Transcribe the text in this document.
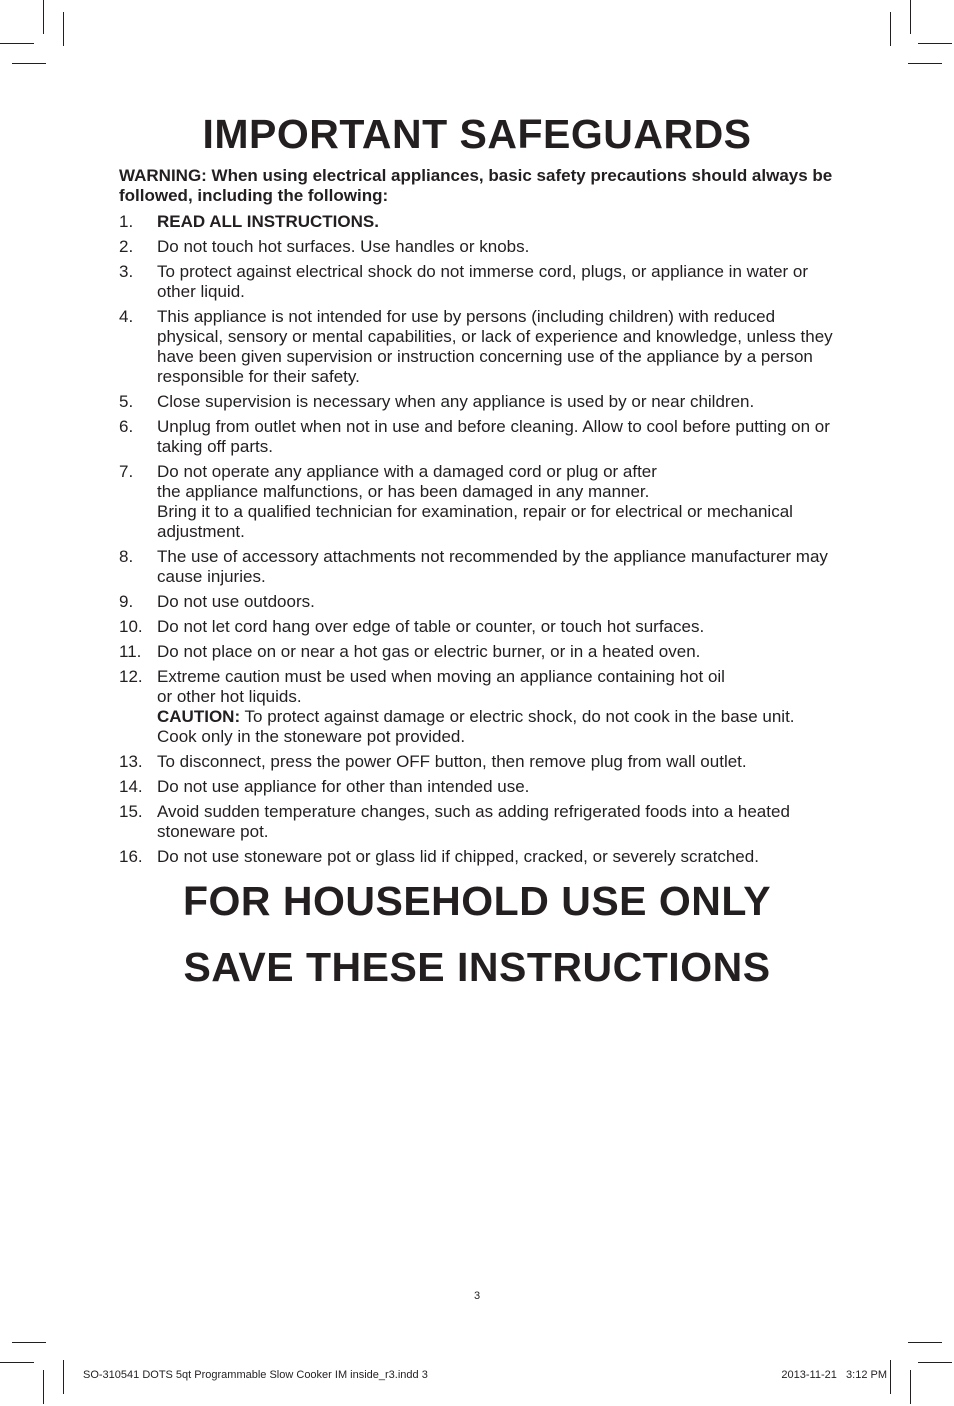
IMPORTANT SAFEGUARDS

WARNING: When using electrical appliances, basic safety precautions should always be followed, including the following:

1. READ ALL INSTRUCTIONS.
2. Do not touch hot surfaces. Use handles or knobs.
3. To protect against electrical shock do not immerse cord, plugs, or appliance in water or other liquid.
4. This appliance is not intended for use by persons (including children) with reduced physical, sensory or mental capabilities, or lack of experience and knowledge, unless they have been given supervision or instruction concerning use of the appliance by a person responsible for their safety.
5. Close supervision is necessary when any appliance is used by or near children.
6. Unplug from outlet when not in use and before cleaning. Allow to cool before putting on or taking off parts.
7. Do not operate any appliance with a damaged cord or plug or after
the appliance malfunctions, or has been damaged in any manner.
Bring it to a qualified technician for examination, repair or for electrical or mechanical adjustment.
8. The use of accessory attachments not recommended by the appliance manufacturer may cause injuries.
9. Do not use outdoors.
10. Do not let cord hang over edge of table or counter, or touch hot surfaces.
11. Do not place on or near a hot gas or electric burner, or in a heated oven.
12. Extreme caution must be used when moving an appliance containing hot oil
or other hot liquids.
CAUTION: To protect against damage or electric shock, do not cook in the base unit. Cook only in the stoneware pot provided.
13. To disconnect, press the power OFF button, then remove plug from wall outlet.
14. Do not use appliance for other than intended use.
15. Avoid sudden temperature changes, such as adding refrigerated foods into a heated stoneware pot.
16. Do not use stoneware pot or glass lid if chipped, cracked, or severely scratched.
FOR HOUSEHOLD USE ONLY
SAVE THESE INSTRUCTIONS
3
SO-310541 DOTS 5qt Programmable Slow Cooker IM inside_r3.indd 3	2013-11-21   3:12 PM
